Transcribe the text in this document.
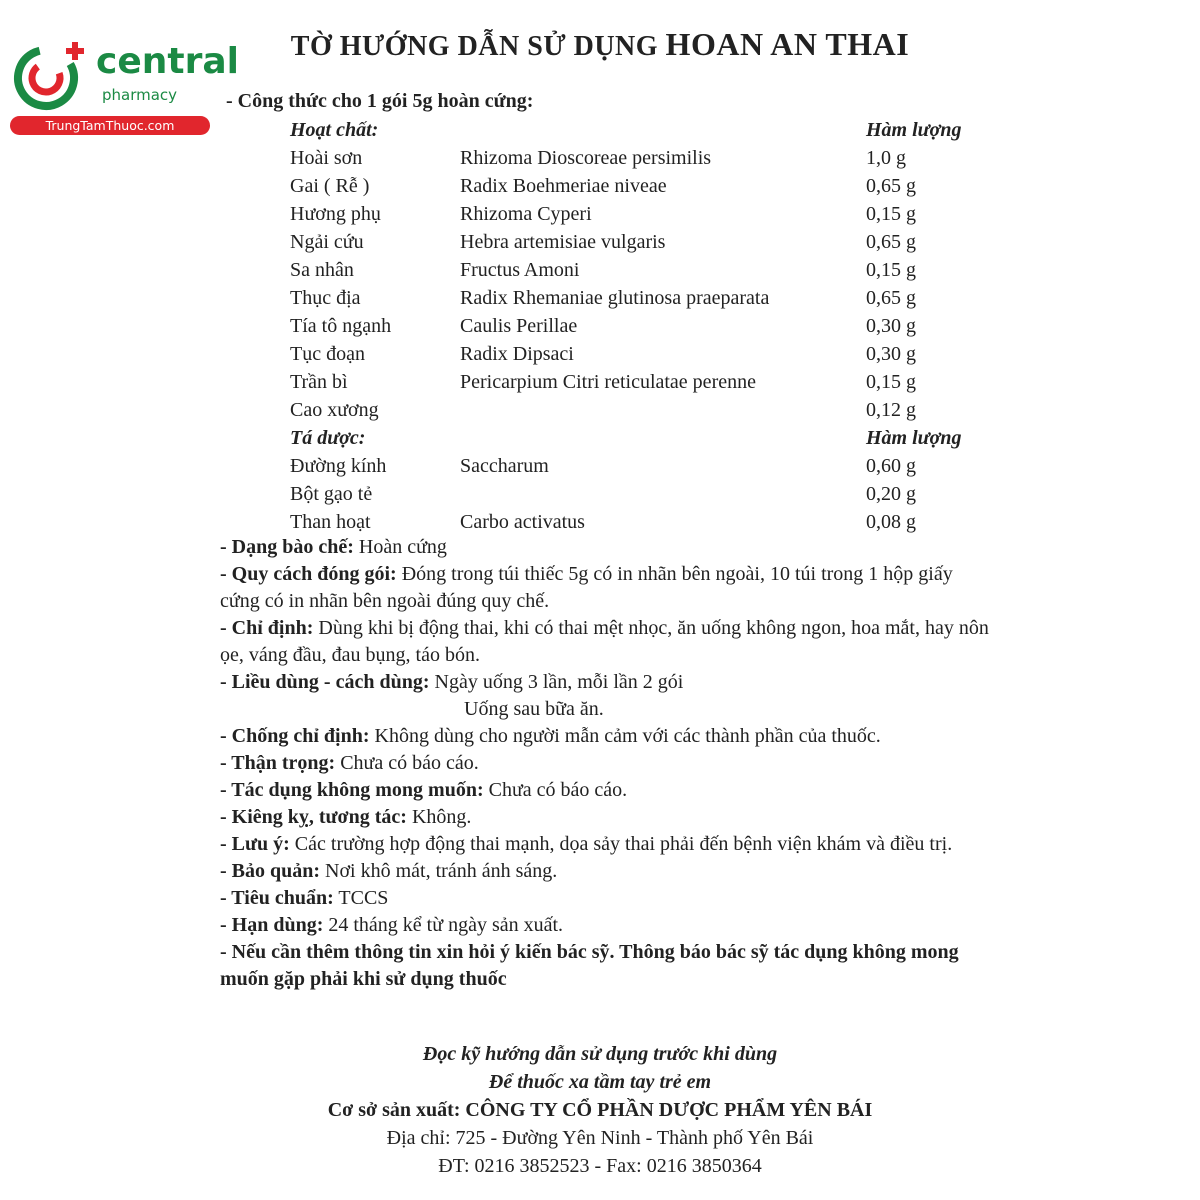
central
pharmacy
TrungTamThuoc.com
TỜ HƯỚNG DẪN SỬ DỤNG HOAN AN THAI
- Công thức cho 1 gói 5g hoàn cứng:
Hoạt chất:		Hàm lượng
Hoài sơn	Rhizoma Dioscoreae persimilis	1,0 g
Gai ( Rễ )	Radix Boehmeriae niveae	0,65 g
Hương phụ	Rhizoma Cyperi	0,15 g
Ngải cứu	Hebra artemisiae vulgaris	0,65 g
Sa nhân	Fructus Amoni	0,15 g
Thục địa	Radix Rhemaniae glutinosa praeparata	0,65 g
Tía tô ngạnh	Caulis Perillae	0,30 g
Tục đoạn	Radix Dipsaci	0,30 g
Trần bì	Pericarpium Citri reticulatae perenne	0,15 g
Cao xương		0,12 g
Tá dược:		Hàm lượng
Đường kính	Saccharum	0,60 g
Bột gạo tẻ		0,20 g
Than hoạt	Carbo activatus	0,08 g

- Dạng bào chế: Hoàn cứng

- Quy cách đóng gói: Đóng trong túi thiếc 5g có in nhãn bên ngoài, 10 túi trong 1 hộp giấy cứng có in nhãn bên ngoài đúng quy chế.

- Chỉ định: Dùng khi bị động thai, khi có thai mệt nhọc, ăn uống không ngon, hoa mắt, hay nôn ọe, váng đầu, đau bụng, táo bón.

- Liều dùng - cách dùng: Ngày uống 3 lần, mỗi lần 2 gói

Uống sau bữa ăn.

- Chống chỉ định: Không dùng cho người mẫn cảm với các thành phần của thuốc.

- Thận trọng: Chưa có báo cáo.

- Tác dụng không mong muốn: Chưa có báo cáo.

- Kiêng kỵ, tương tác: Không.

- Lưu ý: Các trường hợp động thai mạnh, dọa sảy thai phải đến bệnh viện khám và điều trị.

- Bảo quản: Nơi khô mát, tránh ánh sáng.

- Tiêu chuẩn: TCCS

- Hạn dùng: 24 tháng kể từ ngày sản xuất.

- Nếu cần thêm thông tin xin hỏi ý kiến bác sỹ. Thông báo bác sỹ tác dụng không mong muốn gặp phải khi sử dụng thuốc

Đọc kỹ hướng dẫn sử dụng trước khi dùng
Để thuốc xa tầm tay trẻ em
Cơ sở sản xuất: CÔNG TY CỔ PHẦN DƯỢC PHẨM YÊN BÁI
Địa chỉ: 725 - Đường Yên Ninh - Thành phố Yên Bái
ĐT: 0216 3852523 - Fax: 0216 3850364
